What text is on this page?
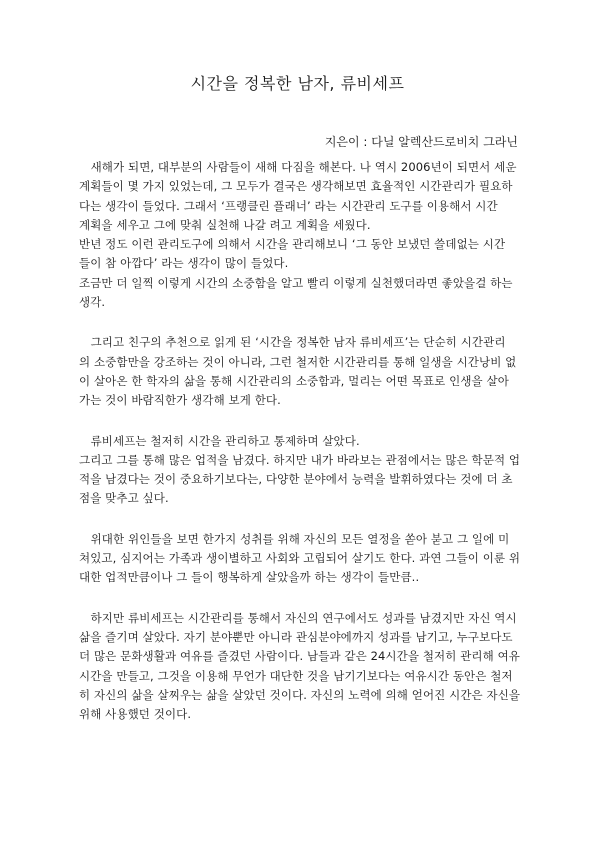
시간을 정복한 남자, 류비세프
지은이 : 다닐 알렉산드로비치 그라닌

　새해가 되면, 대부분의 사람들이 새해 다짐을 해본다. 나 역시 2006년이 되면서 세운
계획들이 몇 가지 있었는데, 그 모두가 결국은 생각해보면 효율적인 시간관리가 필요하
다는 생각이 들었다. 그래서 ‘프랭클린 플래너’ 라는 시간관리 도구를 이용해서 시간
계획을 세우고 그에 맞춰 실천해 나갈 려고 계획을 세웠다.
반년 정도 이런 관리도구에 의해서 시간을 관리해보니 ‘그 동안 보냈던 쓸데없는 시간
들이 참 아깝다’ 라는 생각이 많이 들었다.
조금만 더 일찍 이렇게 시간의 소중함을 알고 빨리 이렇게 실천했더라면 좋았을걸 하는
생각.

　그리고 친구의 추천으로 읽게 된 ‘시간을 정복한 남자 류비세프’는 단순히 시간관리
의 소중함만을 강조하는 것이 아니라, 그런 철저한 시간관리를 통해 일생을 시간낭비 없
이 살아온 한 학자의 삶을 통해 시간관리의 소중함과, 멀리는 어떤 목표로 인생을 살아
가는 것이 바람직한가 생각해 보게 한다.

　류비세프는 철저히 시간을 관리하고 통제하며 살았다.
그리고 그를 통해 많은 업적을 남겼다. 하지만 내가 바라보는 관점에서는 많은 학문적 업
적을 남겼다는 것이 중요하기보다는, 다양한 분야에서 능력을 발휘하였다는 것에 더 초
점을 맞추고 싶다.

　위대한 위인들을 보면 한가지 성취를 위해 자신의 모든 열정을 쏟아 붇고 그 일에 미
쳐있고, 심지어는 가족과 생이별하고 사회와 고립되어 살기도 한다. 과연 그들이 이룬 위
대한 업적만큼이나 그 들이 행복하게 살았을까 하는 생각이 들만큼..

　하지만 류비세프는 시간관리를 통해서 자신의 연구에서도 성과를 남겼지만 자신 역시
삶을 즐기며 살았다. 자기 분야뿐만 아니라 관심분야에까지 성과를 남기고, 누구보다도
더 많은 문화생활과 여유를 즐겼던 사람이다. 남들과 같은 24시간을 철저히 관리해 여유
시간을 만들고, 그것을 이용해 무언가 대단한 것을 남기기보다는 여유시간 동안은 철저
히 자신의 삶을 살찌우는 삶을 살았던 것이다. 자신의 노력에 의해 얻어진 시간은 자신을
위해 사용했던 것이다.
